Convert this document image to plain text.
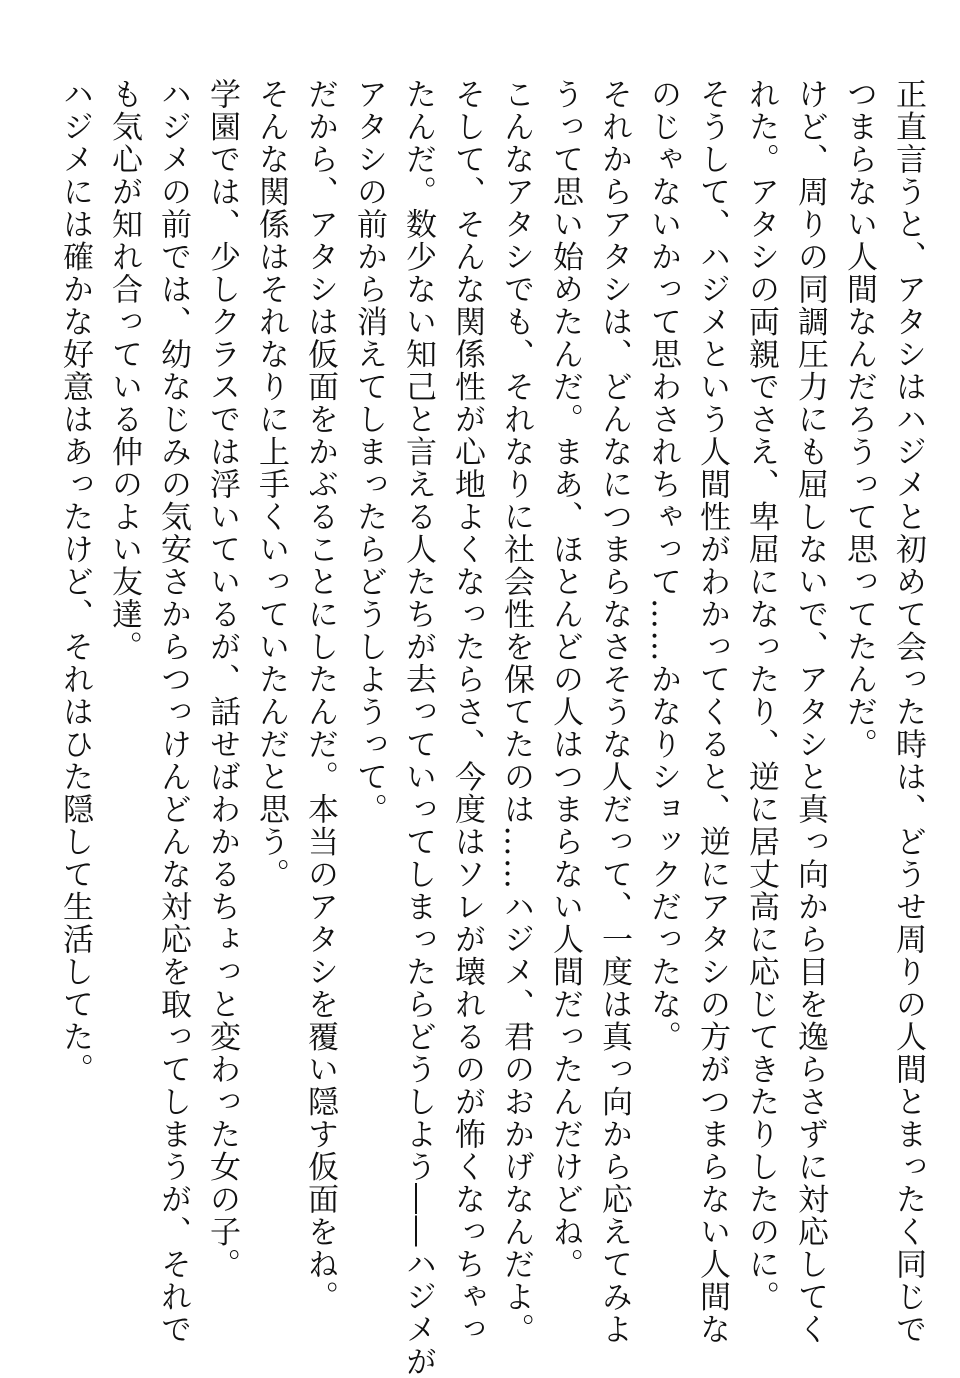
正直言うと、アタシはハジメと初めて会った時は、どうせ周りの人間とまったく同じで

つまらない人間なんだろうって思ってたんだ。

けど、周りの同調圧力にも屈しないで、アタシと真っ向から目を逸らさずに対応してく

れた。アタシの両親でさえ、卑屈になったり、逆に居丈高に応じてきたりしたのに。

そうして、ハジメという人間性がわかってくると、逆にアタシの方がつまらない人間な

のじゃないかって思わされちゃって……かなりショックだったな。

それからアタシは、どんなにつまらなさそうな人だって、一度は真っ向から応えてみよ

うって思い始めたんだ。まあ、ほとんどの人はつまらない人間だったんだけどね。

こんなアタシでも、それなりに社会性を保てたのは……ハジメ、君のおかげなんだよ。

そして、そんな関係性が心地よくなったらさ、今度はソレが壊れるのが怖くなっちゃっ

たんだ。数少ない知己と言える人たちが去っていってしまったらどうしよう――ハジメが

アタシの前から消えてしまったらどうしようって。

だから、アタシは仮面をかぶることにしたんだ。本当のアタシを覆い隠す仮面をね。

そんな関係はそれなりに上手くいっていたんだと思う。

学園では、少しクラスでは浮いているが、話せばわかるちょっと変わった女の子。

ハジメの前では、幼なじみの気安さからつっけんどんな対応を取ってしまうが、それで

も気心が知れ合っている仲のよい友達。

ハジメには確かな好意はあったけど、それはひた隠して生活してた。
